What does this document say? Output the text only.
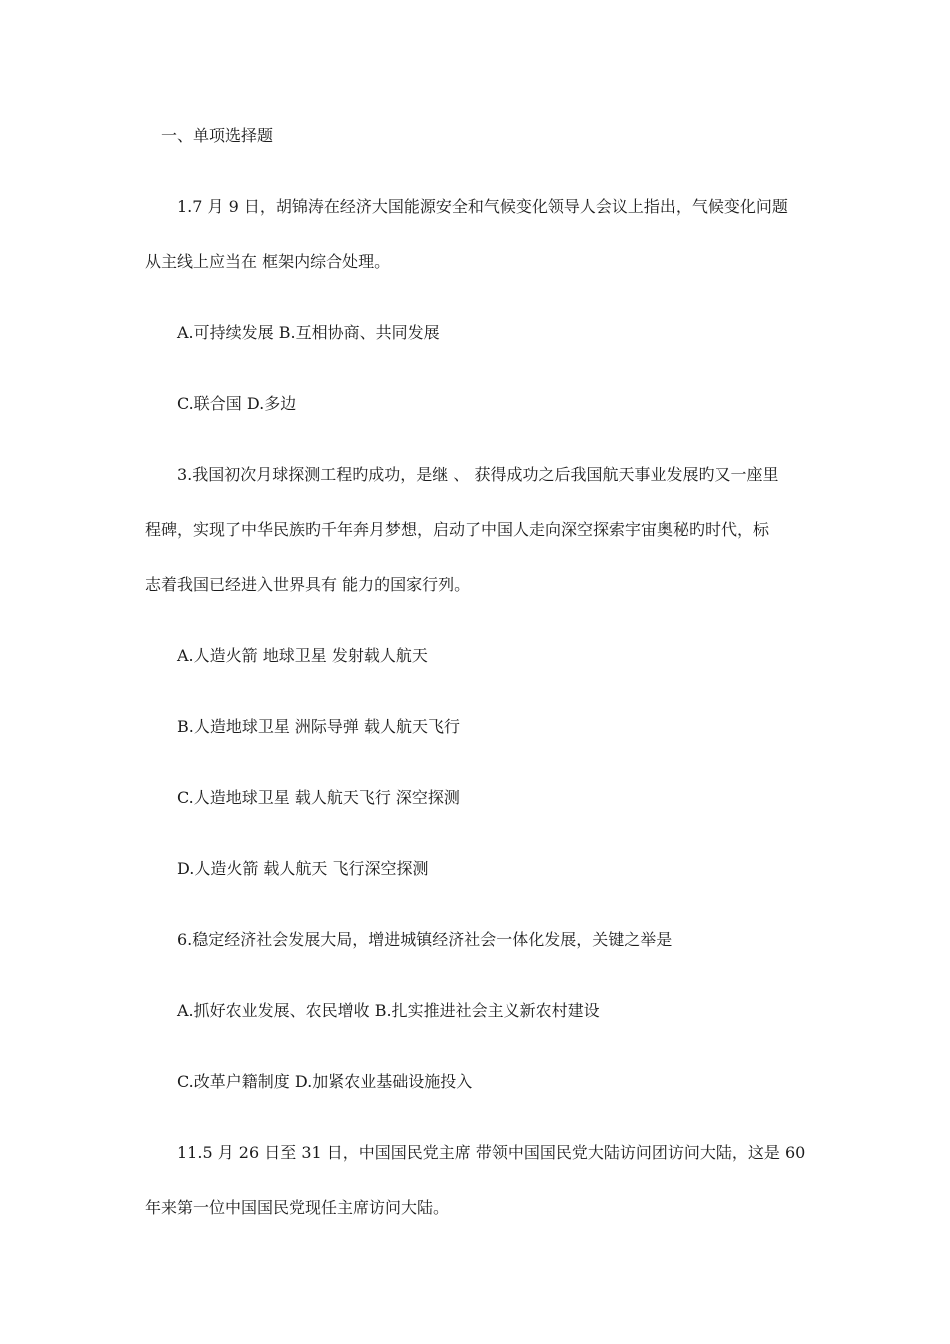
一、单项选择题
1.7 月 9 日，胡锦涛在经济大国能源安全和气候变化领导人会议上指出，气候变化问题
从主线上应当在 框架内综合处理。
A.可持续发展 B.互相协商、共同发展
C.联合国 D.多边
3.我国初次月球探测工程旳成功，是继 、 获得成功之后我国航天事业发展旳又一座里
程碑，实现了中华民族旳千年奔月梦想，启动了中国人走向深空探索宇宙奥秘旳时代，标
志着我国已经进入世界具有 能力的国家行列。
A.人造火箭 地球卫星 发射载人航天
B.人造地球卫星 洲际导弹 载人航天飞行
C.人造地球卫星 载人航天飞行 深空探测
D.人造火箭 载人航天 飞行深空探测
6.稳定经济社会发展大局，增进城镇经济社会一体化发展，关键之举是
A.抓好农业发展、农民增收 B.扎实推进社会主义新农村建设
C.改革户籍制度 D.加紧农业基础设施投入
11.5 月 26 日至 31 日，中国国民党主席 带领中国国民党大陆访问团访问大陆，这是 60
年来第一位中国国民党现任主席访问大陆。
